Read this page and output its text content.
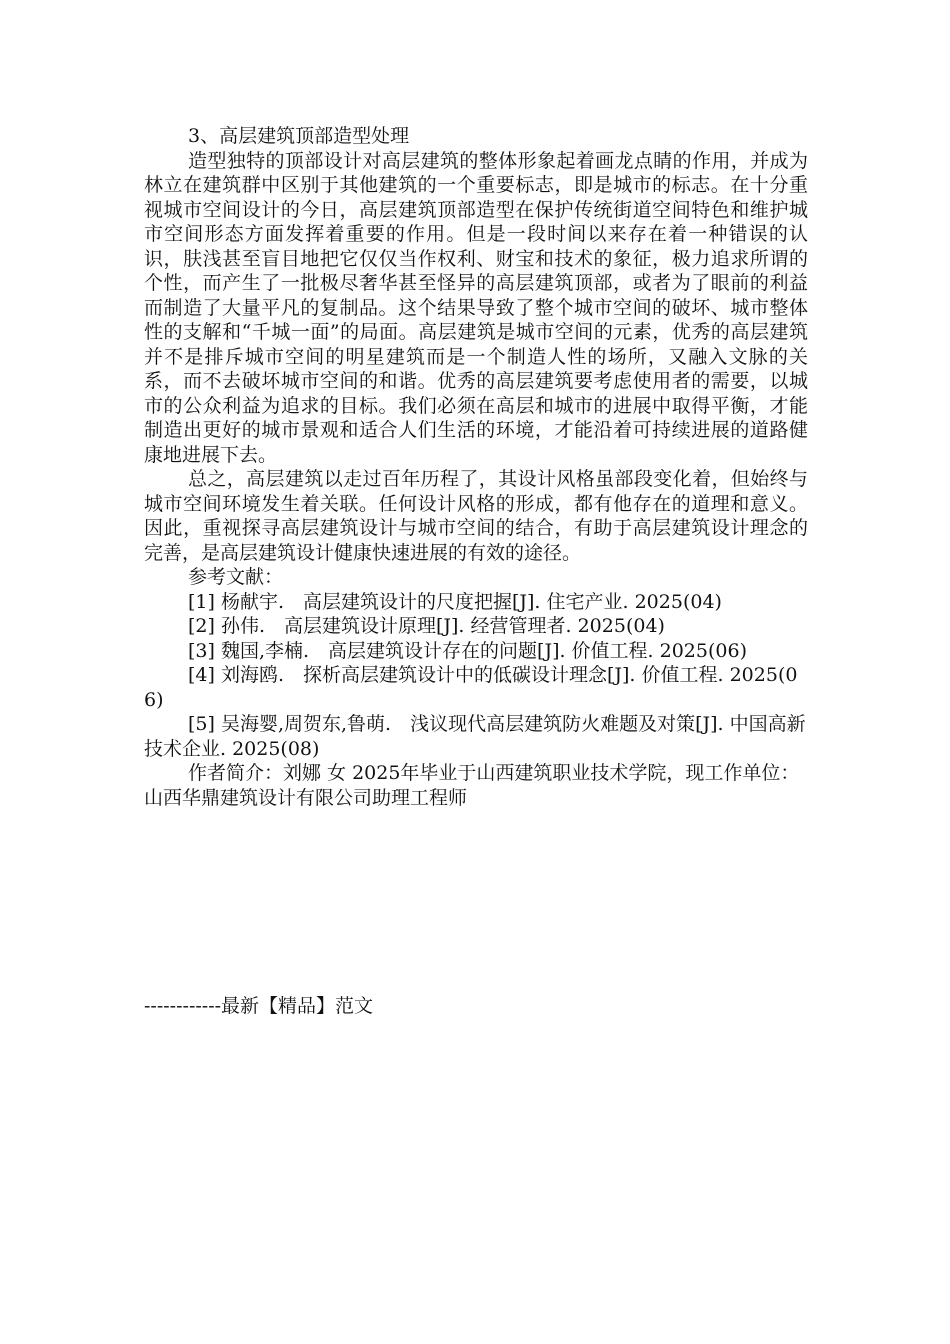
3、高层建筑顶部造型处理

造型独特的顶部设计对高层建筑的整体形象起着画龙点睛的作用，并成为林立在建筑群中区别于其他建筑的一个重要标志，即是城市的标志。在十分重视城市空间设计的今日，高层建筑顶部造型在保护传统街道空间特色和维护城市空间形态方面发挥着重要的作用。但是一段时间以来存在着一种错误的认识，肤浅甚至盲目地把它仅仅当作权利、财宝和技术的象征，极力追求所谓的个性，而产生了一批极尽奢华甚至怪异的高层建筑顶部，或者为了眼前的利益而制造了大量平凡的复制品。这个结果导致了整个城市空间的破坏、城市整体性的支解和“千城一面”的局面。高层建筑是城市空间的元素，优秀的高层建筑并不是排斥城市空间的明星建筑而是一个制造人性的场所，又融入文脉的关系，而不去破坏城市空间的和谐。优秀的高层建筑要考虑使用者的需要，以城市的公众利益为追求的目标。我们必须在高层和城市的进展中取得平衡，才能制造出更好的城市景观和适合人们生活的环境，才能沿着可持续进展的道路健康地进展下去。

总之，高层建筑以走过百年历程了，其设计风格虽部段变化着，但始终与城市空间环境发生着关联。任何设计风格的形成，都有他存在的道理和意义。因此，重视探寻高层建筑设计与城市空间的结合，有助于高层建筑设计理念的完善，是高层建筑设计健康快速进展的有效的途径。

参考文献：

[1] 杨献宇.　高层建筑设计的尺度把握[J]. 住宅产业. 2025(04)

[2] 孙伟.　高层建筑设计原理[J]. 经营管理者. 2025(04)

[3] 魏国,李楠.　高层建筑设计存在的问题[J]. 价值工程. 2025(06)

[4] 刘海鸥.　探析高层建筑设计中的低碳设计理念[J]. 价值工程. 2025(06)

[5] 吴海婴,周贺东,鲁萌.　浅议现代高层建筑防火难题及对策[J]. 中国高新技术企业. 2025(08)

作者简介：刘娜 女 2025年毕业于山西建筑职业技术学院，现工作单位：山西华鼎建筑设计有限公司助理工程师

------------最新【精品】范文
